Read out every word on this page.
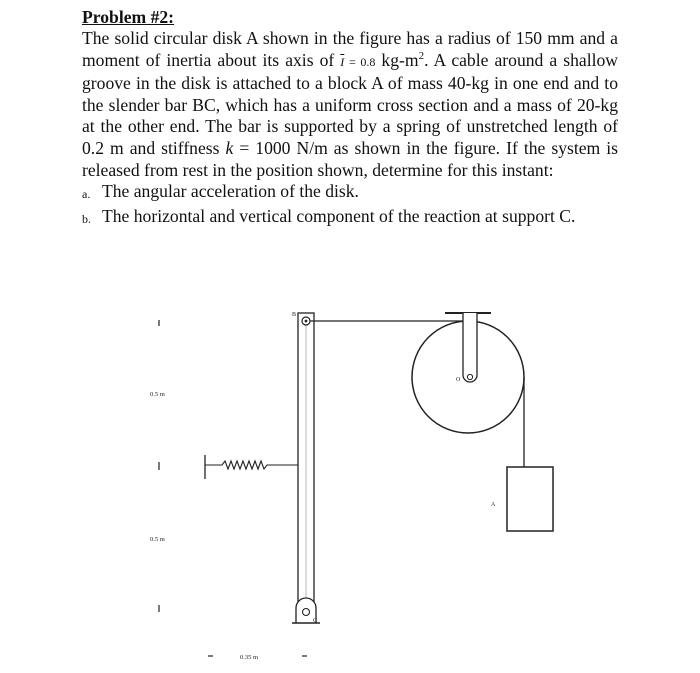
Problem #2:

The solid circular disk A shown in the figure has a radius of 150 mm and a moment of inertia about its axis of $\overline{I} = 0.8$ $kg-m^2$. A cable around a shallow groove in the disk is attached to a block A of mass 40-kg in one end and to the slender bar BC, which has a uniform cross section and a mass of 20-kg at the other end. The bar is supported by a spring of unstretched length of 0.2 m and stiffness k = 1000 N/m as shown in the figure. If the system is released from rest in the position shown, determine for this instant:

a. The angular acceleration of the disk.
b. The horizontal and vertical component of the reaction at support C.
0.5 m
0.5 m
B
C
0.35 m
O
A
